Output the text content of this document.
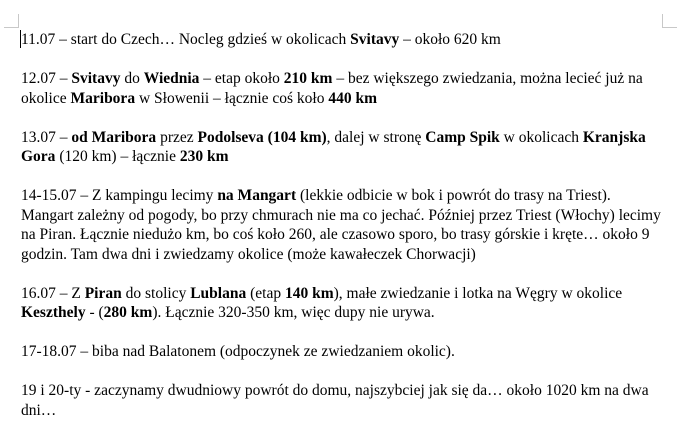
11.07 – start do Czech… Nocleg gdzieś w okolicach Svitavy – około 620 km

12.07 – Svitavy do Wiednia – etap około 210 km – bez większego zwiedzania, można lecieć już na okolice Maribora w Słowenii – łącznie coś koło 440 km

13.07 – od Maribora przez Podolseva (104 km), dalej w stronę Camp Spik w okolicach Kranjska Gora (120 km) – łącznie 230 km

14-15.07 – Z kampingu lecimy na Mangart (lekkie odbicie w bok i powrót do trasy na Triest). Mangart zależny od pogody, bo przy chmurach nie ma co jechać. Później przez Triest (Włochy) lecimy na Piran. Łącznie niedużo km, bo coś koło 260, ale czasowo sporo, bo trasy górskie i kręte… około 9 godzin. Tam dwa dni i zwiedzamy okolice (może kawałeczek Chorwacji)

16.07 – Z Piran do stolicy Lublana (etap 140 km), małe zwiedzanie i lotka na Węgry w okolice Keszthely - (280 km). Łącznie 320-350 km, więc dupy nie urywa.

17-18.07 – biba nad Balatonem (odpoczynek ze zwiedzaniem okolic).

19 i 20-ty - zaczynamy dwudniowy powrót do domu, najszybciej jak się da… około 1020 km na dwa dni…
